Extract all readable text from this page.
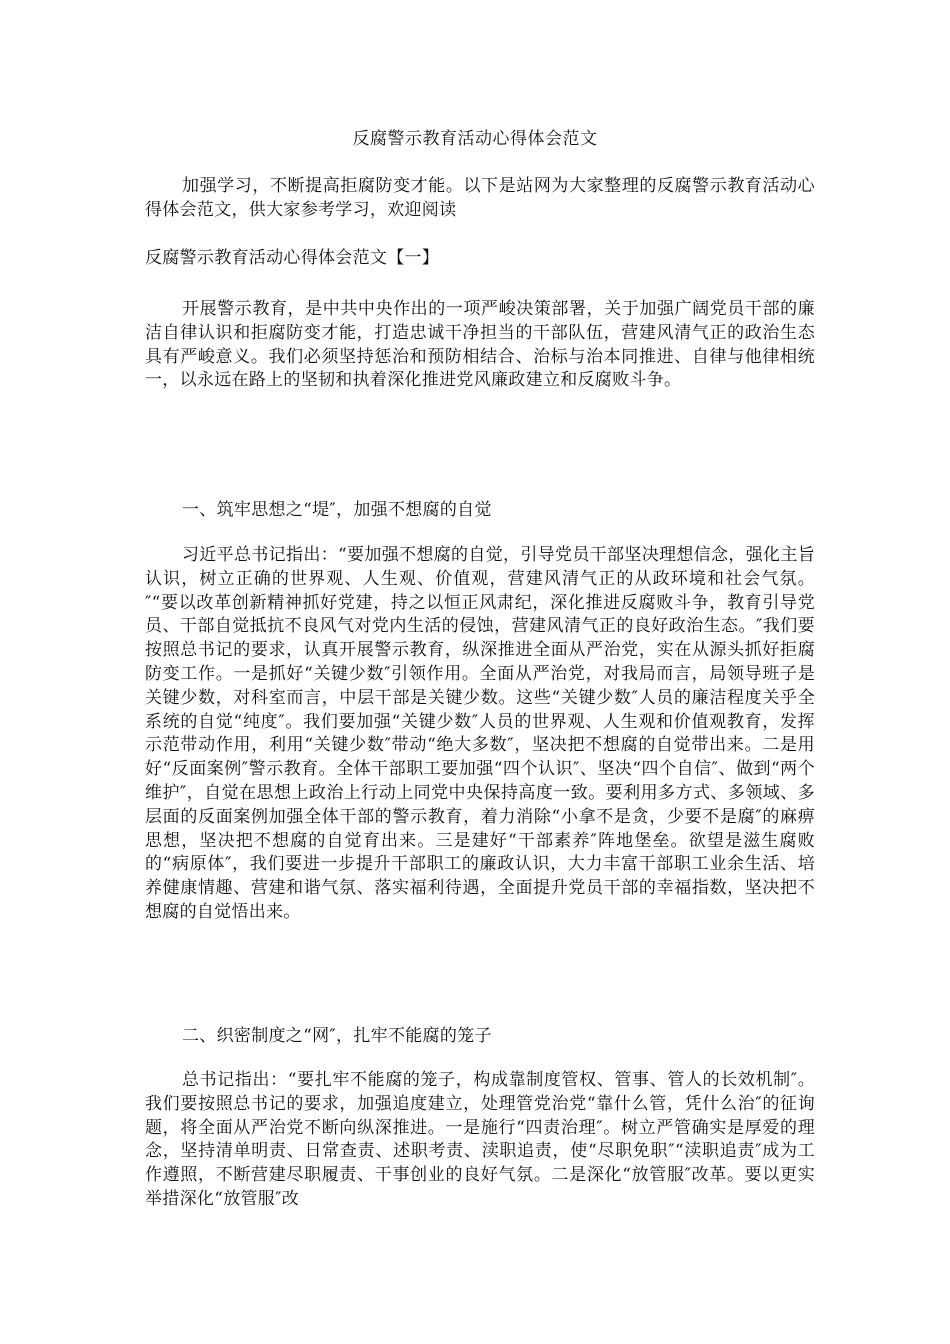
反腐警示教育活动心得体会范文

加强学习，不断提高拒腐防变才能。以下是站网为大家整理的反腐警示教育活动心得体会范文，供大家参考学习，欢迎阅读

反腐警示教育活动心得体会范文【一】

开展警示教育，是中共中央作出的一项严峻决策部署，关于加强广阔党员干部的廉洁自律认识和拒腐防变才能，打造忠诚干净担当的干部队伍，营建风清气正的政治生态具有严峻意义。我们必须坚持惩治和预防相结合、治标与治本同推进、自律与他律相统一，以永远在路上的坚韧和执着深化推进党风廉政建立和反腐败斗争。

一、筑牢思想之“堤″，加强不想腐的自觉

习近平总书记指出：“要加强不想腐的自觉，引导党员干部坚决理想信念，强化主旨认识，树立正确的世界观、人生观、价值观，营建风清气正的从政环境和社会气氛。″“要以改革创新精神抓好党建，持之以恒正风肃纪，深化推进反腐败斗争，教育引导党员、干部自觉抵抗不良风气对党内生活的侵蚀，营建风清气正的良好政治生态。″我们要按照总书记的要求，认真开展警示教育，纵深推进全面从严治党，实在从源头抓好拒腐防变工作。一是抓好“关键少数″引领作用。全面从严治党，对我局而言，局领导班子是关键少数，对科室而言，中层干部是关键少数。这些“关键少数″人员的廉洁程度关乎全系统的自觉“纯度″。我们要加强“关键少数″人员的世界观、人生观和价值观教育，发挥示范带动作用，利用“关键少数″带动“绝大多数″，坚决把不想腐的自觉带出来。二是用好“反面案例″警示教育。全体干部职工要加强“四个认识″、坚决“四个自信″、做到“两个维护″，自觉在思想上政治上行动上同党中央保持高度一致。要利用多方式、多领域、多层面的反面案例加强全体干部的警示教育，着力消除“小拿不是贪，少要不是腐″的麻痹思想，坚决把不想腐的自觉育出来。三是建好“干部素养″阵地堡垒。欲望是滋生腐败的“病原体″，我们要进一步提升干部职工的廉政认识，大力丰富干部职工业余生活、培养健康情趣、营建和谐气氛、落实福利待遇，全面提升党员干部的幸福指数，坚决把不想腐的自觉悟出来。

二、织密制度之“网″，扎牢不能腐的笼子

总书记指出：“要扎牢不能腐的笼子，构成靠制度管权、管事、管人的长效机制″。我们要按照总书记的要求，加强追度建立，处理管党治党“靠什么管，凭什么治″的征询题，将全面从严治党不断向纵深推进。一是施行“四责治理″。树立严管确实是厚爱的理念，坚持清单明责、日常查责、述职考责、渎职追责，使“尽职免职″“渎职追责″成为工作遵照，不断营建尽职履责、干事创业的良好气氛。二是深化“放管服″改革。要以更实举措深化“放管服″改
